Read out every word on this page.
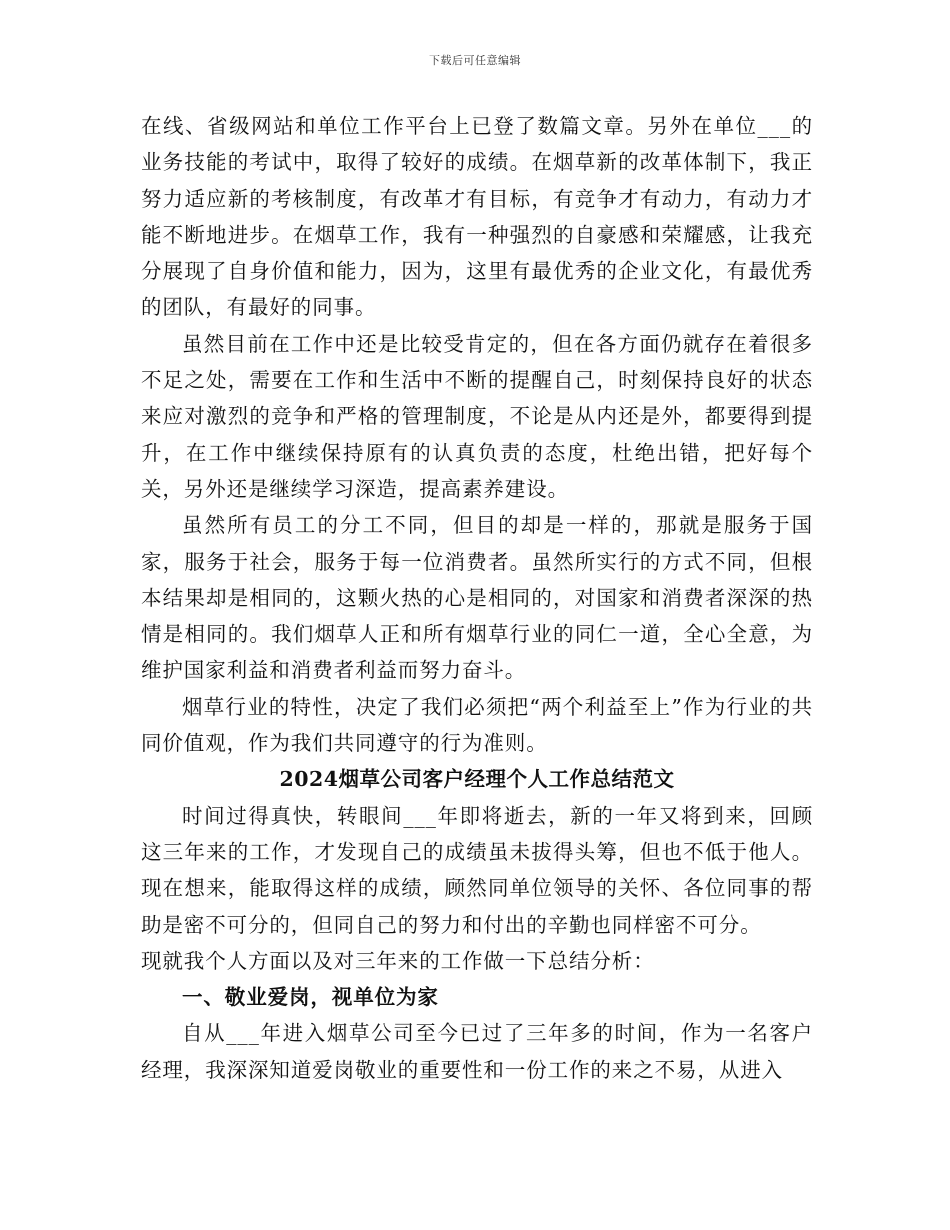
下载后可任意编辑

在线、省级网站和单位工作平台上已登了数篇文章。另外在单位___的业务技能的考试中，取得了较好的成绩。在烟草新的改革体制下，我正努力适应新的考核制度，有改革才有目标，有竞争才有动力，有动力才能不断地进步。在烟草工作，我有一种强烈的自豪感和荣耀感，让我充分展现了自身价值和能力，因为，这里有最优秀的企业文化，有最优秀的团队，有最好的同事。

虽然目前在工作中还是比较受肯定的，但在各方面仍就存在着很多不足之处，需要在工作和生活中不断的提醒自己，时刻保持良好的状态来应对激烈的竞争和严格的管理制度，不论是从内还是外，都要得到提升，在工作中继续保持原有的认真负责的态度，杜绝出错，把好每个关，另外还是继续学习深造，提高素养建设。

虽然所有员工的分工不同，但目的却是一样的，那就是服务于国家，服务于社会，服务于每一位消费者。虽然所实行的方式不同，但根本结果却是相同的，这颗火热的心是相同的，对国家和消费者深深的热情是相同的。我们烟草人正和所有烟草行业的同仁一道，全心全意，为维护国家利益和消费者利益而努力奋斗。

烟草行业的特性，决定了我们必须把“两个利益至上”作为行业的共同价值观，作为我们共同遵守的行为准则。

2024烟草公司客户经理个人工作总结范文

时间过得真快，转眼间___年即将逝去，新的一年又将到来，回顾这三年来的工作，才发现自己的成绩虽未拔得头筹，但也不低于他人。现在想来，能取得这样的成绩，顾然同单位领导的关怀、各位同事的帮助是密不可分的，但同自己的努力和付出的辛勤也同样密不可分。

现就我个人方面以及对三年来的工作做一下总结分析：

一、敬业爱岗，视单位为家

自从___年进入烟草公司至今已过了三年多的时间，作为一名客户经理，我深深知道爱岗敬业的重要性和一份工作的来之不易，从进入
